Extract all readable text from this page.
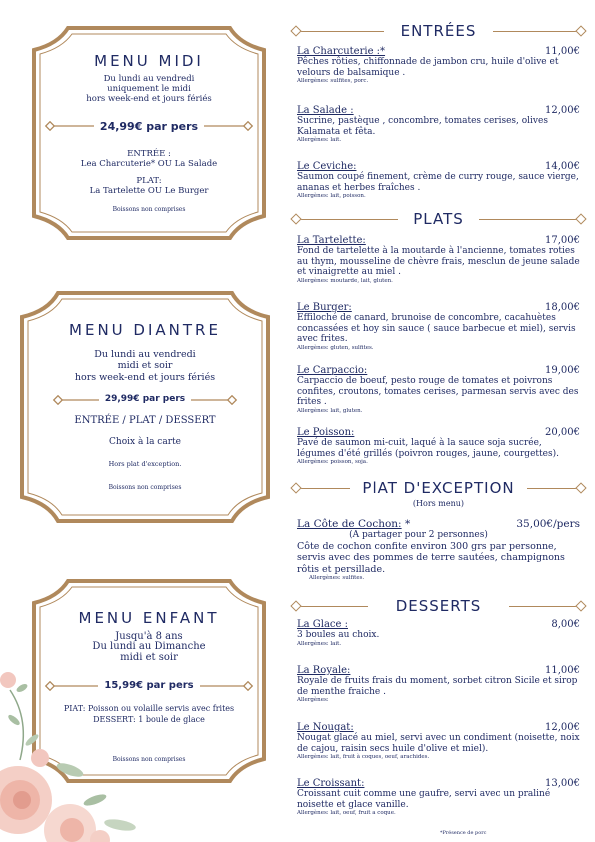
MENU MIDI
Du lundi au vendredi
uniquement le midi
hors week-end et jours fériés
24,99€ par pers
ENTRÉE :
Lea Charcuterie* OU La Salade
PLAT:
La Tartelette OU Le Burger
Boissons non comprises
MENU DIANTRE
Du lundi au vendredi
midi et soir
hors week-end et jours fériés
29,99€ par pers
ENTRÉE / PLAT / DESSERT
Choix à la carte
Hors plat d'exception.
Boissons non comprises
MENU ENFANT
Jusqu'à 8 ans
Du lundi au Dimanche
midi et soir
15,99€ par pers
PIAT: Poisson ou volaille servis avec frites
DESSERT: 1 boule de glace
Boissons non comprises
ENTRÉES
PLATS
PlAT D'EXCEPTION
(Hors menu)
DESSERTS
La Charcuterie :*	11,00€
Pêches rôties, chiffonnade de jambon cru, huile d'olive et velours de balsamique .
Allergènes: sulfites, porc.
La Salade :	12,00€
Sucrine, pastèque , concombre, tomates cerises, olives Kalamata et fêta.
Allergènes: lait.
Le Ceviche:	14,00€
Saumon coupé finement, crème de curry rouge, sauce vierge, ananas et herbes fraîches .
Allergènes: lait, poisson.
La Tartelette:	17,00€
Fond de tartelette à la moutarde à l'ancienne, tomates roties au thym, mousseline de chèvre frais, mesclun de jeune salade et vinaigrette au miel .
Allergènes: moutarde, lait, gluten.
Le Burger:	18,00€
Effiloché de canard, brunoise de concombre, cacahuètes concassées et hoy sin sauce ( sauce barbecue et miel), servis avec frites.
Allergènes: gluten, sulfites.
Le Carpaccio:	19,00€
Carpaccio de boeuf, pesto rouge de tomates et poivrons confites, croutons, tomates cerises, parmesan servis avec des frites .
Allergènes: lait, gluten.
Le Poisson:	20,00€
Pavé de saumon mi-cuit, laqué à la sauce soja sucrée, légumes d'été grillés (poivron rouges, jaune, courgettes).
Allergènes: poisson, soja.
La Côte de Cochon: *	35,00€/pers
(A partager pour 2 personnes)
Côte de cochon confite environ 300 grs par personne, servis avec des pommes de terre sautées, champignons rôtis et persillade.
Allergènes: sulfites.
La Glace :	8,00€
3 boules au choix.
Allergènes: lait.
La Royale:	11,00€
Royale de fruits frais du moment, sorbet citron Sicile et sirop de menthe fraiche .
Allergènes:
Le Nougat:	12,00€
Nougat glacé au miel, servi avec un condiment (noisette, noix de cajou, raisin secs huile d'olive et miel).
Allergènes: lait, fruit à coques, oeuf, arachides.
Le Croissant:	13,00€
Croissant cuit comme une gaufre, servi avec un praliné noisette et glace vanille.
Allergènes: lait, oeuf, fruit a coque.
*Présence de porc
